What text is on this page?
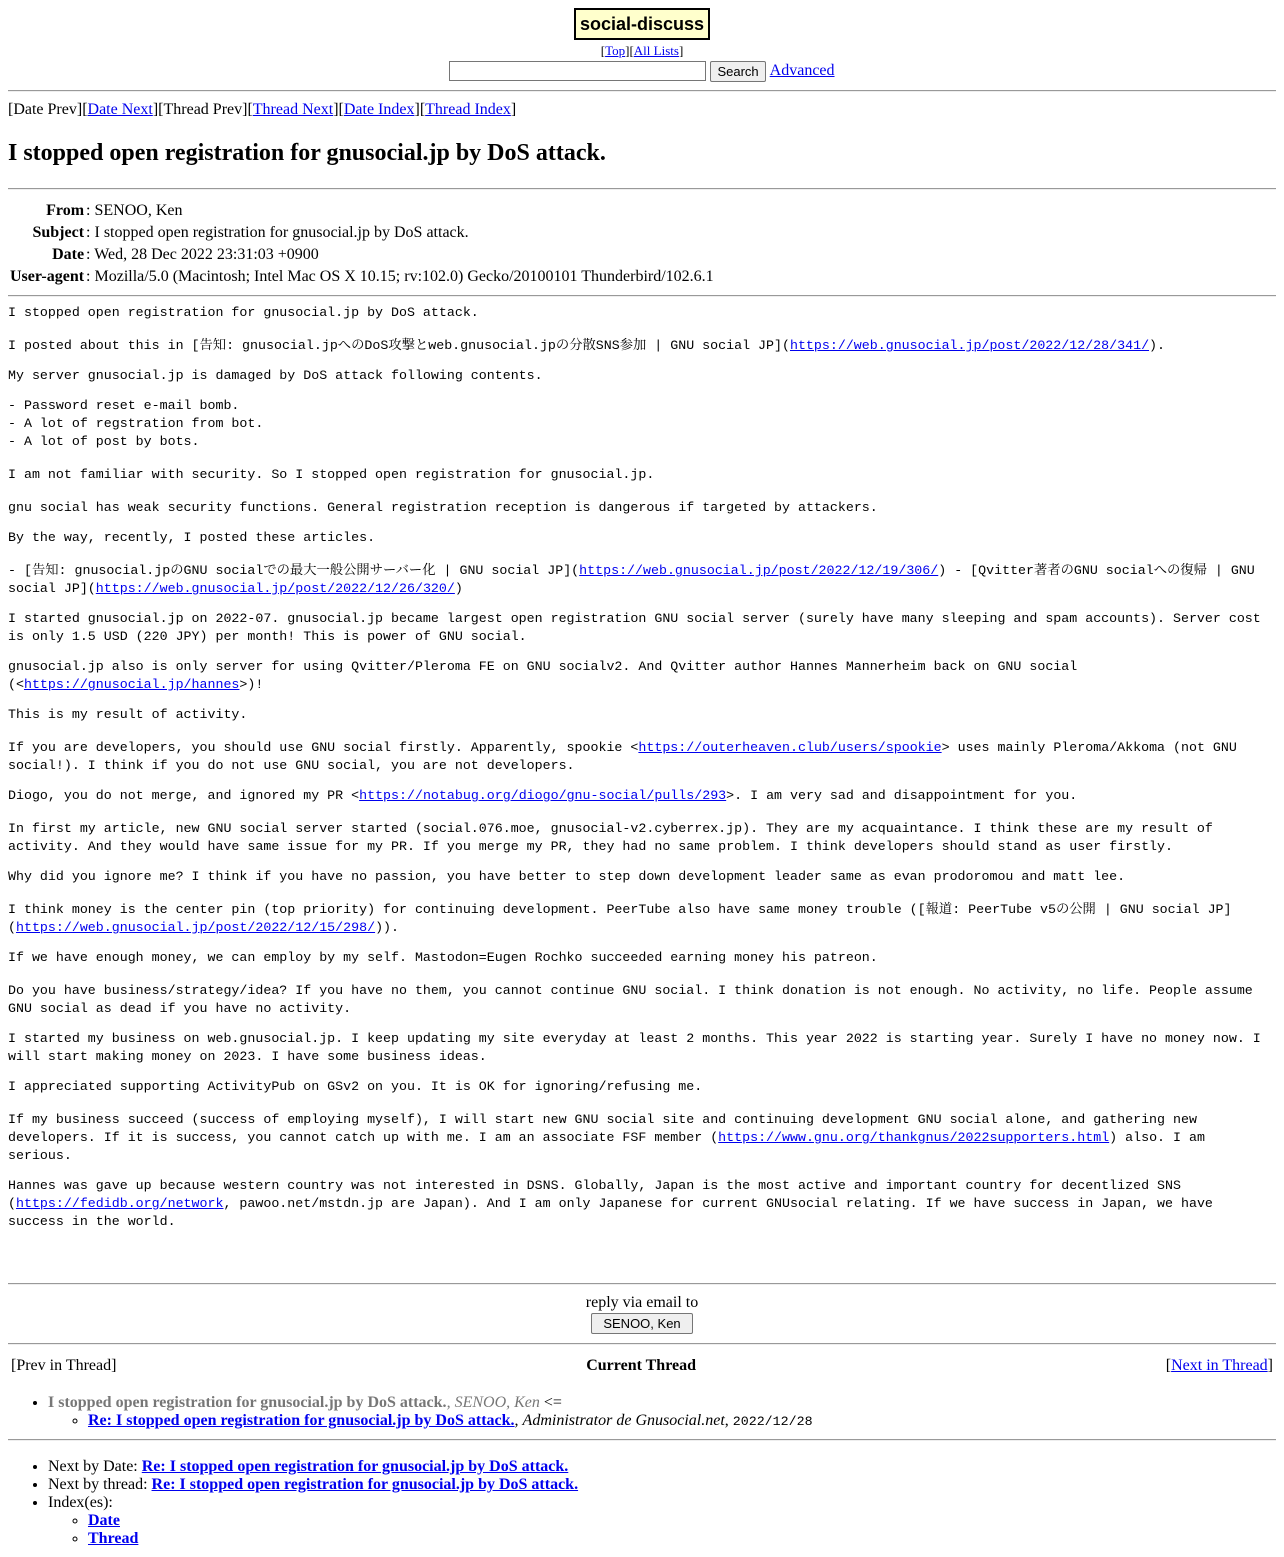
social-discuss
[Top][All Lists]
Search Advanced
[Date Prev][Date Next][Thread Prev][Thread Next][Date Index][Thread Index]
I stopped open registration for gnusocial.jp by DoS attack.
From	: SENOO, Ken
Subject	: I stopped open registration for gnusocial.jp by DoS attack.
Date	: Wed, 28 Dec 2022 23:31:03 +0900
User-agent	: Mozilla/5.0 (Macintosh; Intel Mac OS X 10.15; rv:102.0) Gecko/20100101 Thunderbird/102.6.1

I stopped open registration for gnusocial.jp by DoS attack.

I posted about this in [告知: gnusocial.jpへのDoS攻撃とweb.gnusocial.jpの分散SNS参加 | GNU social JP](https://web.gnusocial.jp/post/2022/12/28/341/).

My server gnusocial.jp is damaged by DoS attack following contents.

- Password reset e-mail bomb.
- A lot of regstration from bot.
- A lot of post by bots.

I am not familiar with security. So I stopped open registration for gnusocial.jp.

gnu social has weak security functions. General registration reception is dangerous if targeted by attackers.

By the way, recently, I posted these articles.

- [告知: gnusocial.jpのGNU socialでの最大一般公開サーバー化 | GNU social JP](https://web.gnusocial.jp/post/2022/12/19/306/) - [Qvitter著者のGNU socialへの復帰 | GNU social JP](https://web.gnusocial.jp/post/2022/12/26/320/)

I started gnusocial.jp on 2022-07. gnusocial.jp became largest open registration GNU social server (surely have many sleeping and spam accounts). Server cost is only 1.5 USD (220 JPY) per month! This is power of GNU social.

gnusocial.jp also is only server for using Qvitter/Pleroma FE on GNU socialv2. And Qvitter author Hannes Mannerheim back on GNU social (<https://gnusocial.jp/hannes>)!

This is my result of activity.

If you are developers, you should use GNU social firstly. Apparently, spookie <https://outerheaven.club/users/spookie> uses mainly Pleroma/Akkoma (not GNU social!). I think if you do not use GNU social, you are not developers.

Diogo, you do not merge, and ignored my PR <https://notabug.org/diogo/gnu-social/pulls/293>. I am very sad and disappointment for you.

In first my article, new GNU social server started (social.076.moe, gnusocial-v2.cyberrex.jp). They are my acquaintance. I think these are my result of activity. And they would have same issue for my PR. If you merge my PR, they had no same problem. I think developers should stand as user firstly.

Why did you ignore me? I think if you have no passion, you have better to step down development leader same as evan prodoromou and matt lee.

I think money is the center pin (top priority) for continuing development. PeerTube also have same money trouble ([報道: PeerTube v5の公開 | GNU social JP](https://web.gnusocial.jp/post/2022/12/15/298/)).

If we have enough money, we can employ by my self. Mastodon=Eugen Rochko succeeded earning money his patreon.

Do you have business/strategy/idea? If you have no them, you cannot continue GNU social. I think donation is not enough. No activity, no life. People assume GNU social as dead if you have no activity.

I started my business on web.gnusocial.jp. I keep updating my site everyday at least 2 months. This year 2022 is starting year. Surely I have no money now. I will start making money on 2023. I have some business ideas.

I appreciated supporting ActivityPub on GSv2 on you. It is OK for ignoring/refusing me.

If my business succeed (success of employing myself), I will start new GNU social site and continuing development GNU social alone, and gathering new developers. If it is success, you cannot catch up with me. I am an associate FSF member (https://www.gnu.org/thankgnus/2022supporters.html) also. I am serious.

Hannes was gave up because western country was not interested in DSNS. Globally, Japan is the most active and important country for decentlized SNS (https://fedidb.org/network, pawoo.net/mstdn.jp are Japan). And I am only Japanese for current GNUsocial relating. If we have success in Japan, we have success in the world.

reply via email to
SENOO, Ken
[Prev in Thread]	Current Thread	[Next in Thread]
• I stopped open registration for gnusocial.jp by DoS attack., SENOO, Ken <=
◦ Re: I stopped open registration for gnusocial.jp by DoS attack., Administrator de Gnusocial.net, 2022/12/28
• Next by Date: Re: I stopped open registration for gnusocial.jp by DoS attack.
• Next by thread: Re: I stopped open registration for gnusocial.jp by DoS attack.
• Index(es):
◦ Date
◦ Thread
